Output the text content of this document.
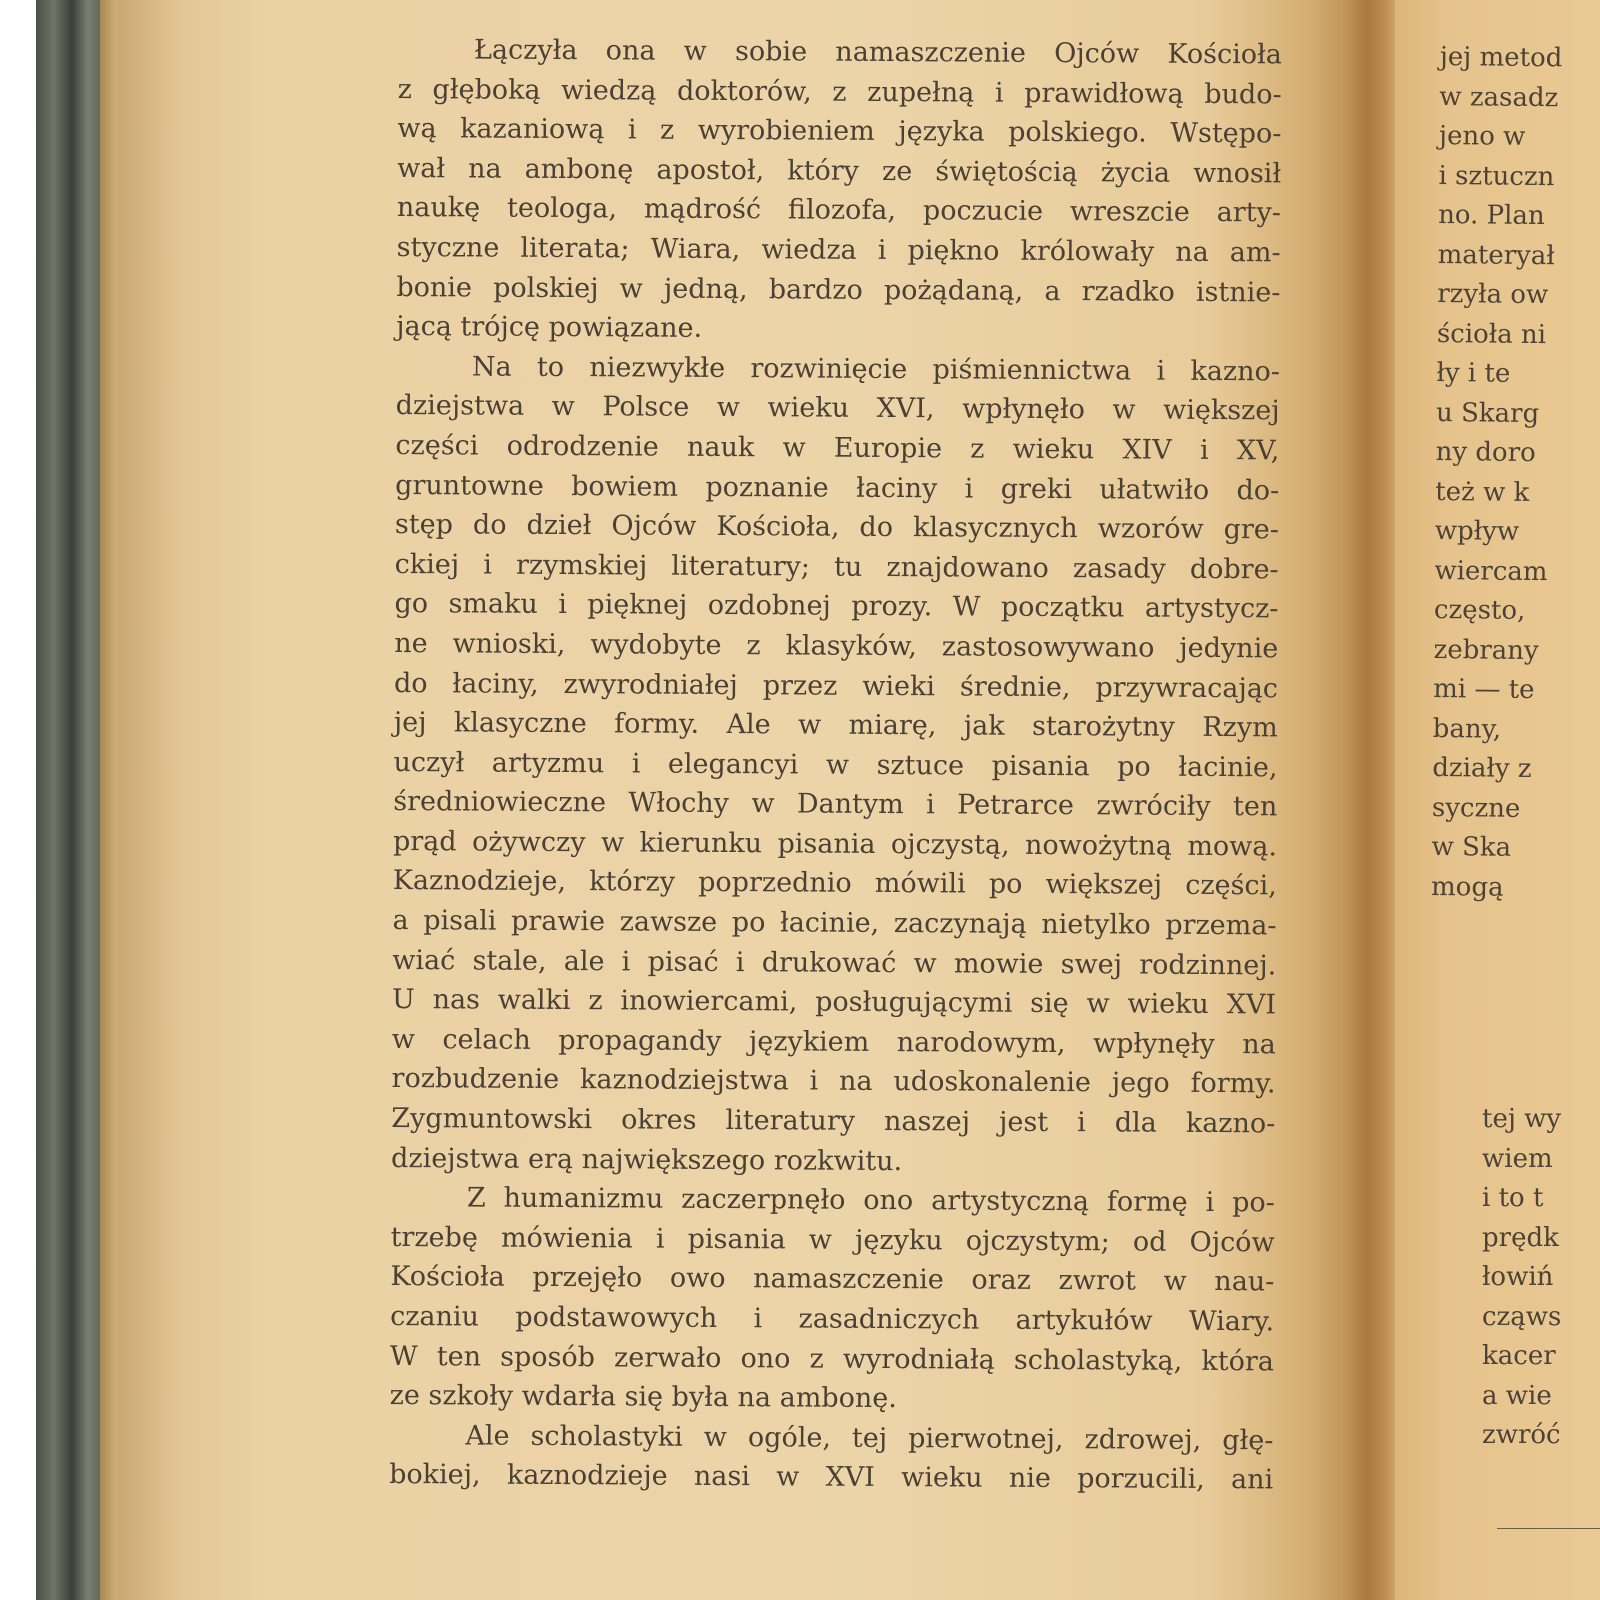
Łączyła ona w sobie namaszczenie Ojców Kościoła
z głęboką wiedzą doktorów, z zupełną i prawidłową budo-
wą kazaniową i z wyrobieniem języka polskiego. Wstępo-
wał na ambonę apostoł, który ze świętością życia wnosił
naukę teologa, mądrość filozofa, poczucie wreszcie arty-
styczne literata; Wiara, wiedza i piękno królowały na am-
bonie polskiej w jedną, bardzo pożądaną, a rzadko istnie-
jącą trójcę powiązane.
Na to niezwykłe rozwinięcie piśmiennictwa i kazno-
dziejstwa w Polsce w wieku XVI, wpłynęło w większej
części odrodzenie nauk w Europie z wieku XIV i XV,
gruntowne bowiem poznanie łaciny i greki ułatwiło do-
stęp do dzieł Ojców Kościoła, do klasycznych wzorów gre-
ckiej i rzymskiej literatury; tu znajdowano zasady dobre-
go smaku i pięknej ozdobnej prozy. W początku artystycz-
ne wnioski, wydobyte z klasyków, zastosowywano jedynie
do łaciny, zwyrodniałej przez wieki średnie, przywracając
jej klasyczne formy. Ale w miarę, jak starożytny Rzym
uczył artyzmu i elegancyi w sztuce pisania po łacinie,
średniowieczne Włochy w Dantym i Petrarce zwróciły ten
prąd ożywczy w kierunku pisania ojczystą, nowożytną mową.
Kaznodzieje, którzy poprzednio mówili po większej części,
a pisali prawie zawsze po łacinie, zaczynają nietylko przema-
wiać stale, ale i pisać i drukować w mowie swej rodzinnej.
U nas walki z inowiercami, posługującymi się w wieku XVI
w celach propagandy językiem narodowym, wpłynęły na
rozbudzenie kaznodziejstwa i na udoskonalenie jego formy.
Zygmuntowski okres literatury naszej jest i dla kazno-
dziejstwa erą największego rozkwitu.
Z humanizmu zaczerpnęło ono artystyczną formę i po-
trzebę mówienia i pisania w języku ojczystym; od Ojców
Kościoła przejęło owo namaszczenie oraz zwrot w nau-
czaniu podstawowych i zasadniczych artykułów Wiary.
W ten sposób zerwało ono z wyrodniałą scholastyką, która
ze szkoły wdarła się była na ambonę.
Ale scholastyki w ogóle, tej pierwotnej, zdrowej, głę-
bokiej, kaznodzieje nasi w XVI wieku nie porzucili, ani
jej metod
w zasadz
jeno w
i sztuczn
no. Plan
materyał
rzyła ow
ścioła ni
ły i te
u Skarg
ny doro
też w k
wpływ
wiercam
często,
zebrany
mi — te
bany,
działy z
syczne
w Ska
mogą
tej wy
wiem
i to t
prędk
łowiń
cząws
kacer
a wie
zwróć
